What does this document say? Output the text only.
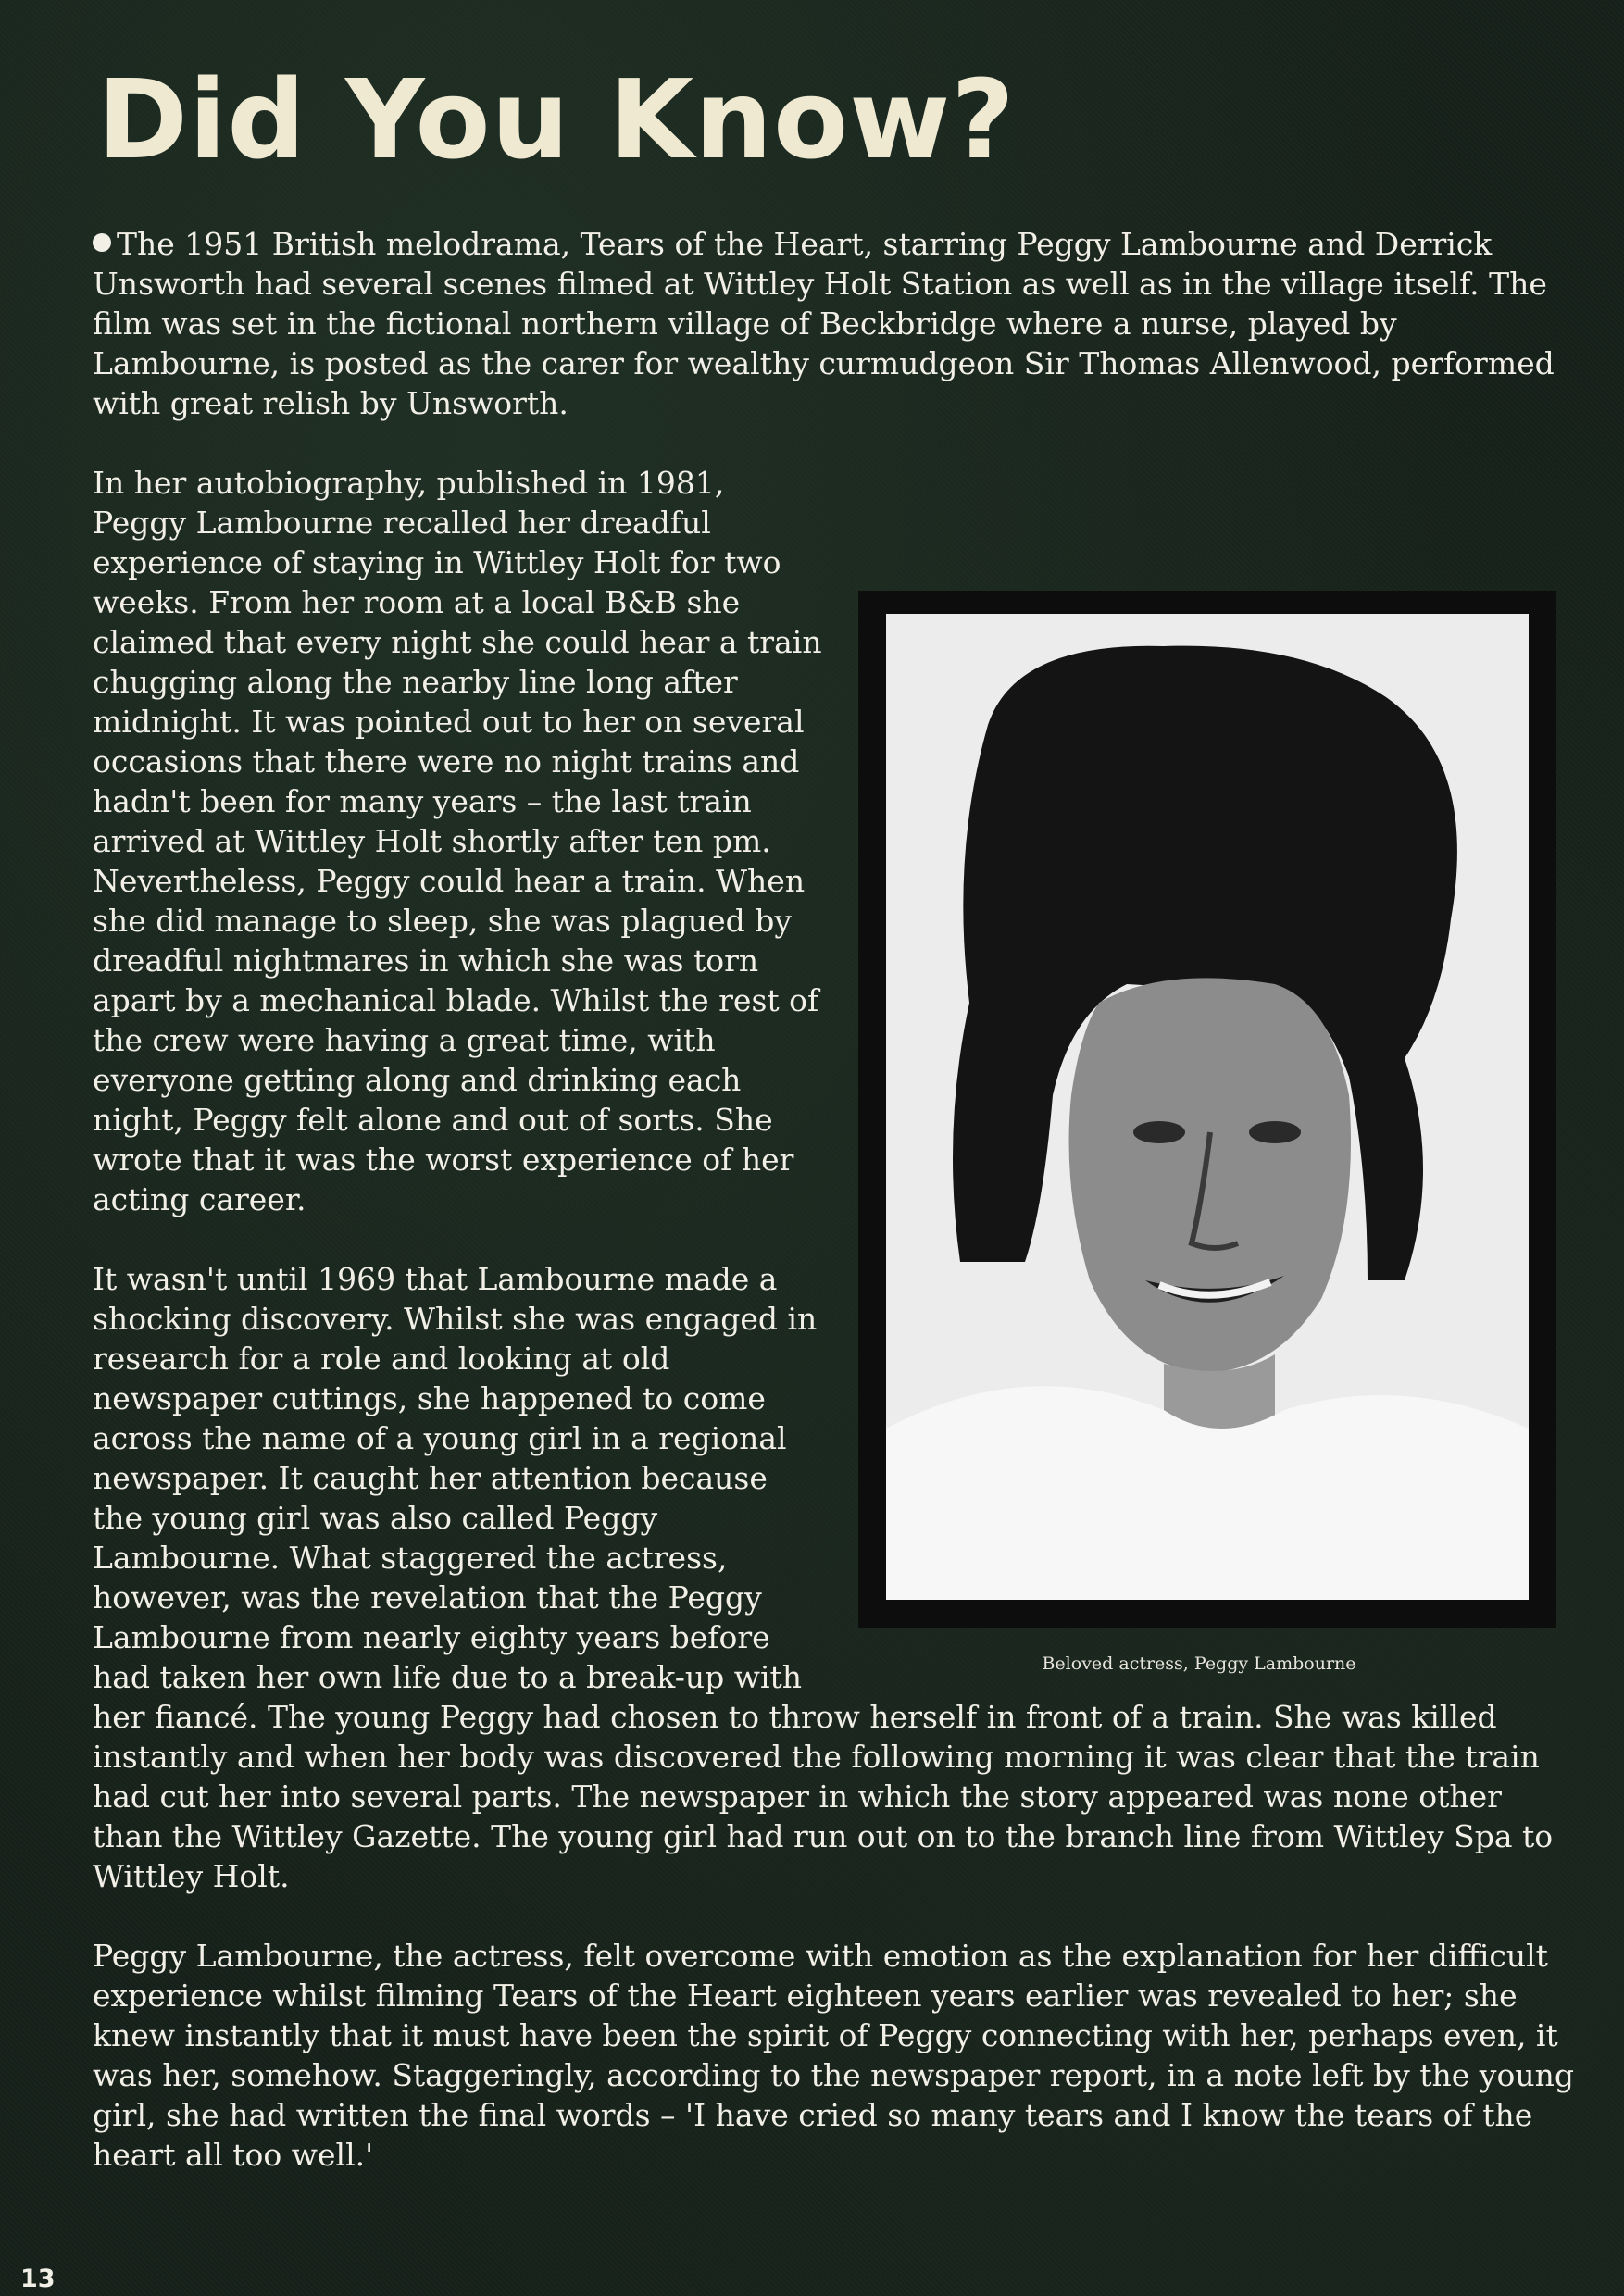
Did You Know?

The 1951 British melodrama, Tears of the Heart, starring Peggy Lambourne and Derrick Unsworth had several scenes filmed at Wittley Holt Station as well as in the village itself. The film was set in the fictional northern village of Beckbridge where a nurse, played by Lambourne, is posted as the carer for wealthy curmudgeon Sir Thomas Allenwood, performed with great relish by Unsworth.

In her autobiography, published in 1981, Peggy Lambourne recalled her dreadful experience of staying in Wittley Holt for two weeks. From her room at a local B&B she claimed that every night she could hear a train chugging along the nearby line long after midnight. It was pointed out to her on several occasions that there were no night trains and hadn't been for many years – the last train arrived at Wittley Holt shortly after ten pm. Nevertheless, Peggy could hear a train. When she did manage to sleep, she was plagued by dreadful nightmares in which she was torn apart by a mechanical blade. Whilst the rest of the crew were having a great time, with everyone getting along and drinking each night, Peggy felt alone and out of sorts. She wrote that it was the worst experience of her acting career.

It wasn't until 1969 that Lambourne made a shocking discovery. Whilst she was engaged in research for a role and looking at old newspaper cuttings, she happened to come across the name of a young girl in a regional newspaper. It caught her attention because the young girl was also called Peggy Lambourne. What staggered the actress, however, was the revelation that the Peggy Lambourne from nearly eighty years before had taken her own life due to a break-up with her fiancé. The young Peggy had chosen to throw herself in front of a train. She was killed instantly and when her body was discovered the following morning it was clear that the train had cut her into several parts. The newspaper in which the story appeared was none other than the Wittley Gazette. The young girl had run out on to the branch line from Wittley Spa to Wittley Holt.

Peggy Lambourne, the actress, felt overcome with emotion as the explanation for her difficult experience whilst filming Tears of the Heart eighteen years earlier was revealed to her; she knew instantly that it must have been the spirit of Peggy connecting with her, perhaps even, it was her, somehow. Staggeringly, according to the newspaper report, in a note left by the young girl, she had written the final words – 'I have cried so many tears and I know the tears of the heart all too well.'

Beloved actress, Peggy Lambourne
13
